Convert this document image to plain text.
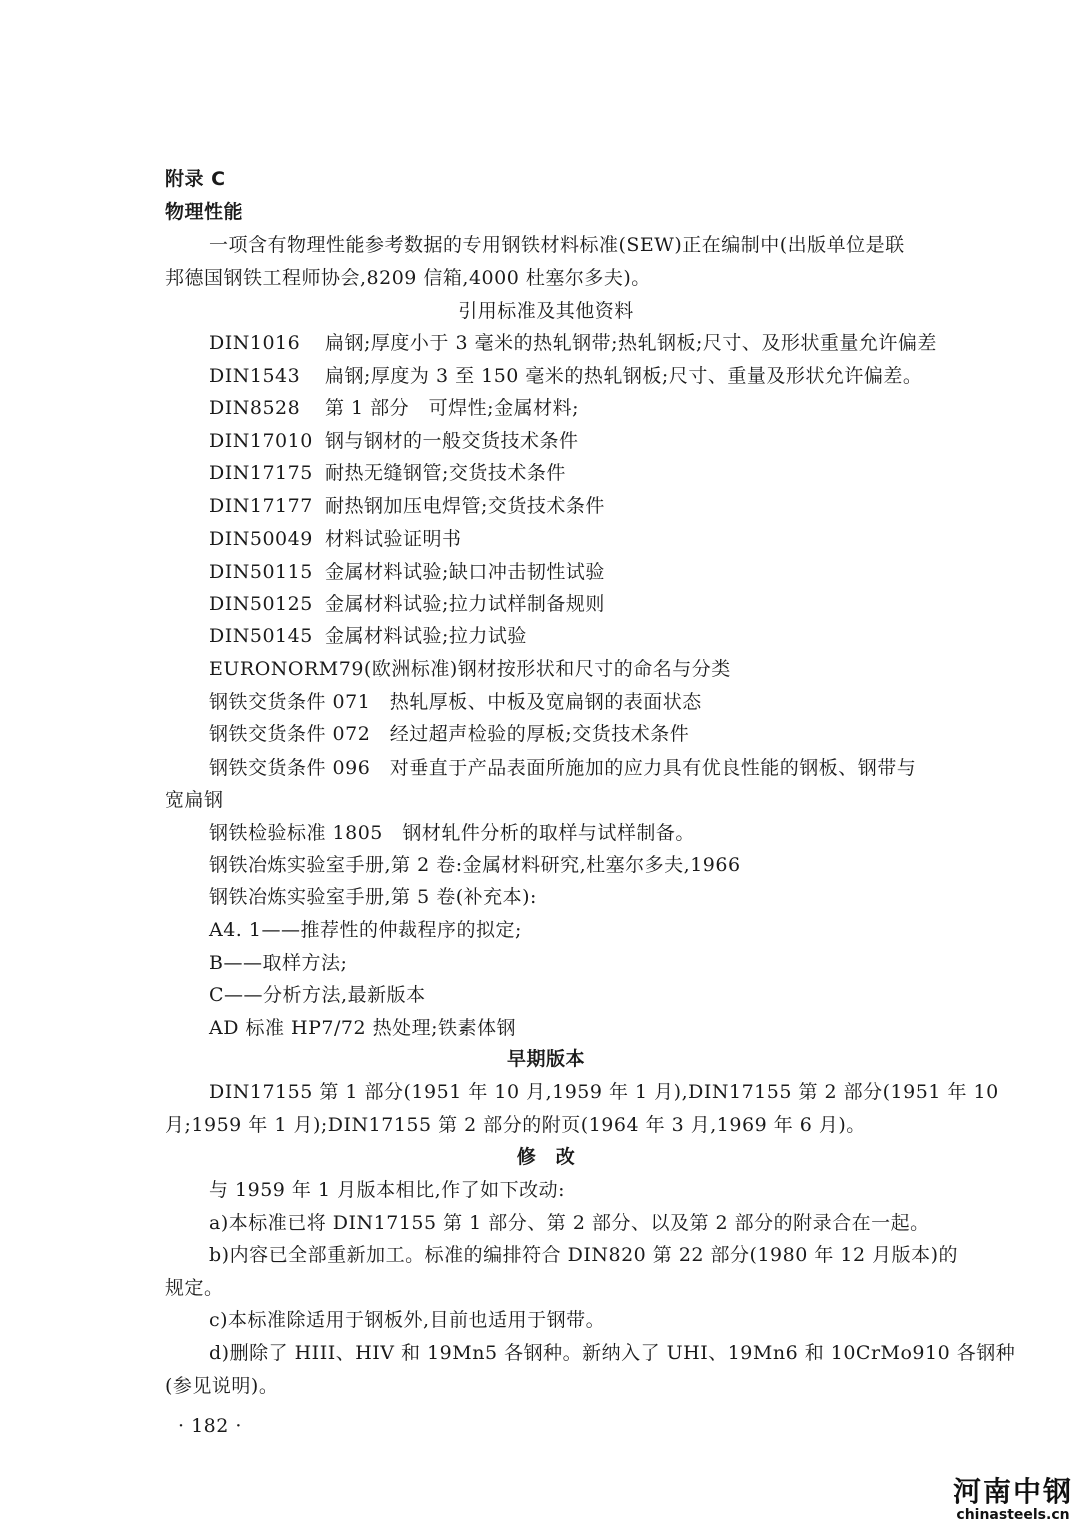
附录 C
物理性能
一项含有物理性能参考数据的专用钢铁材料标准(SEW)正在编制中(出版单位是联
邦德国钢铁工程师协会,8209 信箱,4000 杜塞尔多夫)。
引用标准及其他资料
DIN1016 扁钢;厚度小于 3 毫米的热轧钢带;热轧钢板;尺寸、及形状重量允许偏差
DIN1543 扁钢;厚度为 3 至 150 毫米的热轧钢板;尺寸、重量及形状允许偏差。
DIN8528 第 1 部分　可焊性;金属材料;
DIN17010 钢与钢材的一般交货技术条件
DIN17175 耐热无缝钢管;交货技术条件
DIN17177 耐热钢加压电焊管;交货技术条件
DIN50049 材料试验证明书
DIN50115 金属材料试验;缺口冲击韧性试验
DIN50125 金属材料试验;拉力试样制备规则
DIN50145 金属材料试验;拉力试验
EURONORM79(欧洲标准)钢材按形状和尺寸的命名与分类
钢铁交货条件 071　热轧厚板、中板及宽扁钢的表面状态
钢铁交货条件 072　经过超声检验的厚板;交货技术条件
钢铁交货条件 096　对垂直于产品表面所施加的应力具有优良性能的钢板、钢带与
宽扁钢
钢铁检验标准 1805　钢材轧件分析的取样与试样制备。
钢铁冶炼实验室手册,第 2 卷:金属材料研究,杜塞尔多夫,1966
钢铁冶炼实验室手册,第 5 卷(补充本):
A4. 1——推荐性的仲裁程序的拟定;
B——取样方法;
C——分析方法,最新版本
AD 标准 HP7/72 热处理;铁素体钢
早期版本
DIN17155 第 1 部分(1951 年 10 月,1959 年 1 月),DIN17155 第 2 部分(1951 年 10
月;1959 年 1 月);DIN17155 第 2 部分的附页(1964 年 3 月,1969 年 6 月)。
修　改
与 1959 年 1 月版本相比,作了如下改动:
a)本标准已将 DIN17155 第 1 部分、第 2 部分、以及第 2 部分的附录合在一起。
b)内容已全部重新加工。标准的编排符合 DIN820 第 22 部分(1980 年 12 月版本)的
规定。
c)本标准除适用于钢板外,目前也适用于钢带。
d)删除了 HIII、HIV 和 19Mn5 各钢种。新纳入了 UHI、19Mn6 和 10CrMo910 各钢种
(参见说明)。
· 182 ·
河南中钢
chinasteels.cn
